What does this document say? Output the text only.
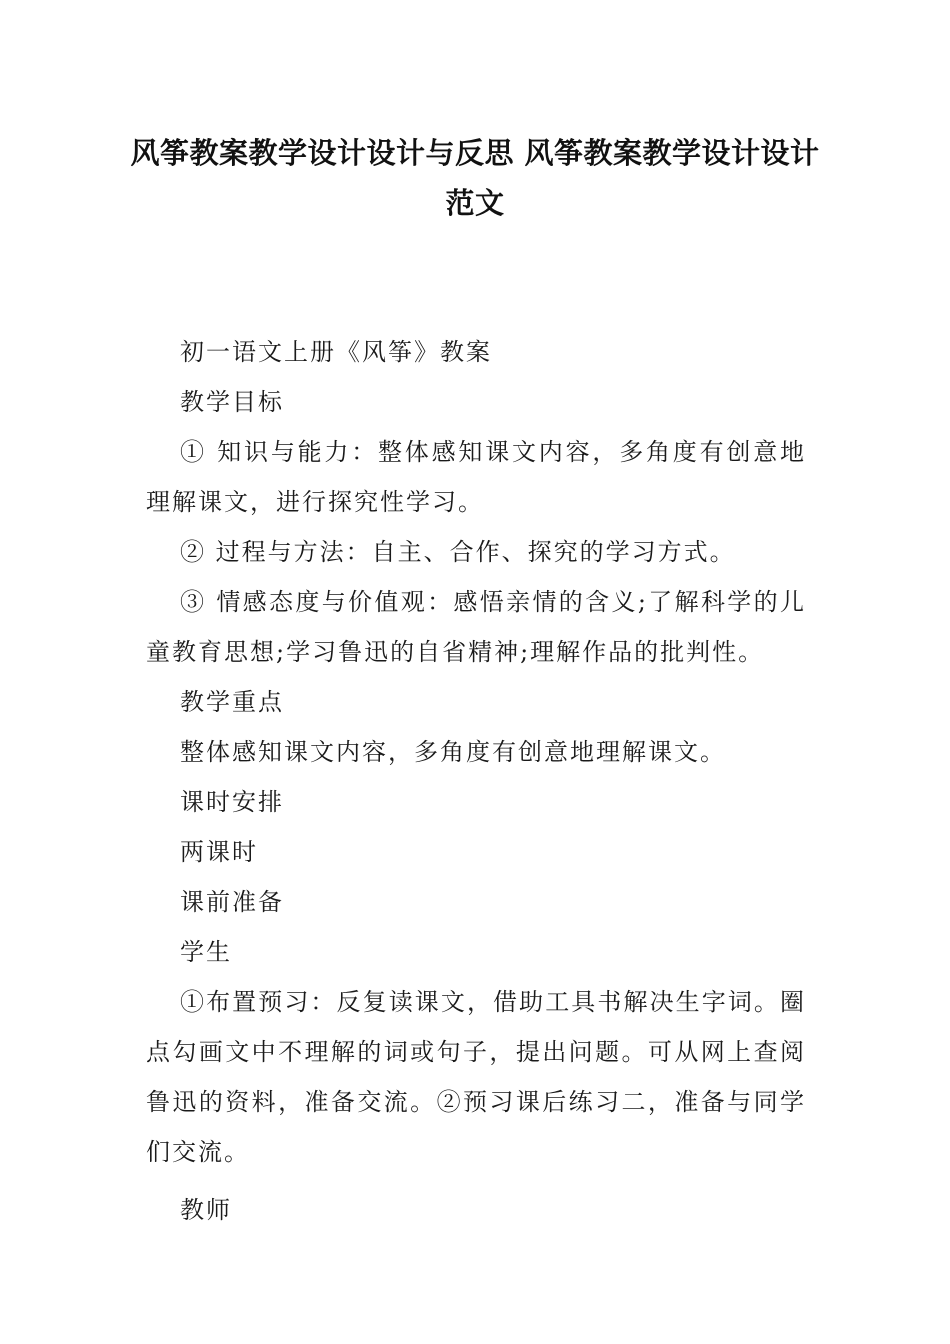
风筝教案教学设计设计与反思 风筝教案教学设计设计范文

初一语文上册《风筝》教案

教学目标

① 知识与能力：整体感知课文内容，多角度有创意地理解课文，进行探究性学习。

② 过程与方法：自主、合作、探究的学习方式。

③ 情感态度与价值观：感悟亲情的含义;了解科学的儿童教育思想;学习鲁迅的自省精神;理解作品的批判性。

教学重点

整体感知课文内容，多角度有创意地理解课文。

课时安排

两课时

课前准备

学生

①布置预习：反复读课文，借助工具书解决生字词。圈点勾画文中不理解的词或句子，提出问题。可从网上查阅鲁迅的资料，准备交流。②预习课后练习二，准备与同学们交流。

教师
